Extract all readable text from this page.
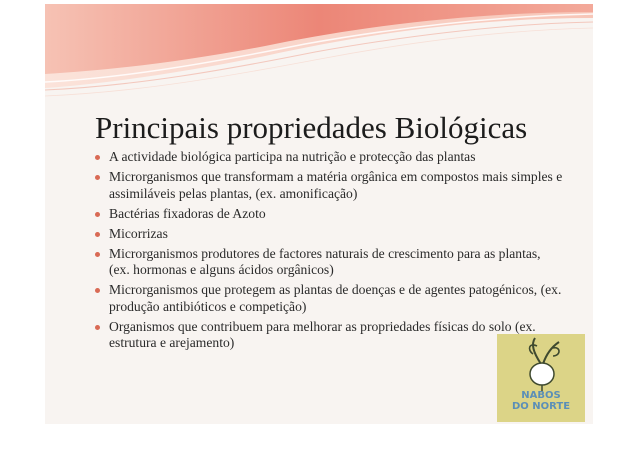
Principais propriedades Biológicas
A actividade biológica participa na nutrição e protecção das plantas
Microrganismos que transformam a matéria orgânica em compostos mais simples e assimiláveis pelas plantas, (ex. amonificação)
Bactérias fixadoras de Azoto
Micorrizas
Microrganismos produtores de factores naturais de crescimento para as plantas, (ex. hormonas e alguns ácidos orgânicos)
Microrganismos que protegem as plantas de doenças e de agentes patogénicos, (ex. produção antibióticos e competição)
Organismos que contribuem para melhorar as propriedades físicas do solo (ex. estrutura e arejamento)
NABOS
DO NORTE
